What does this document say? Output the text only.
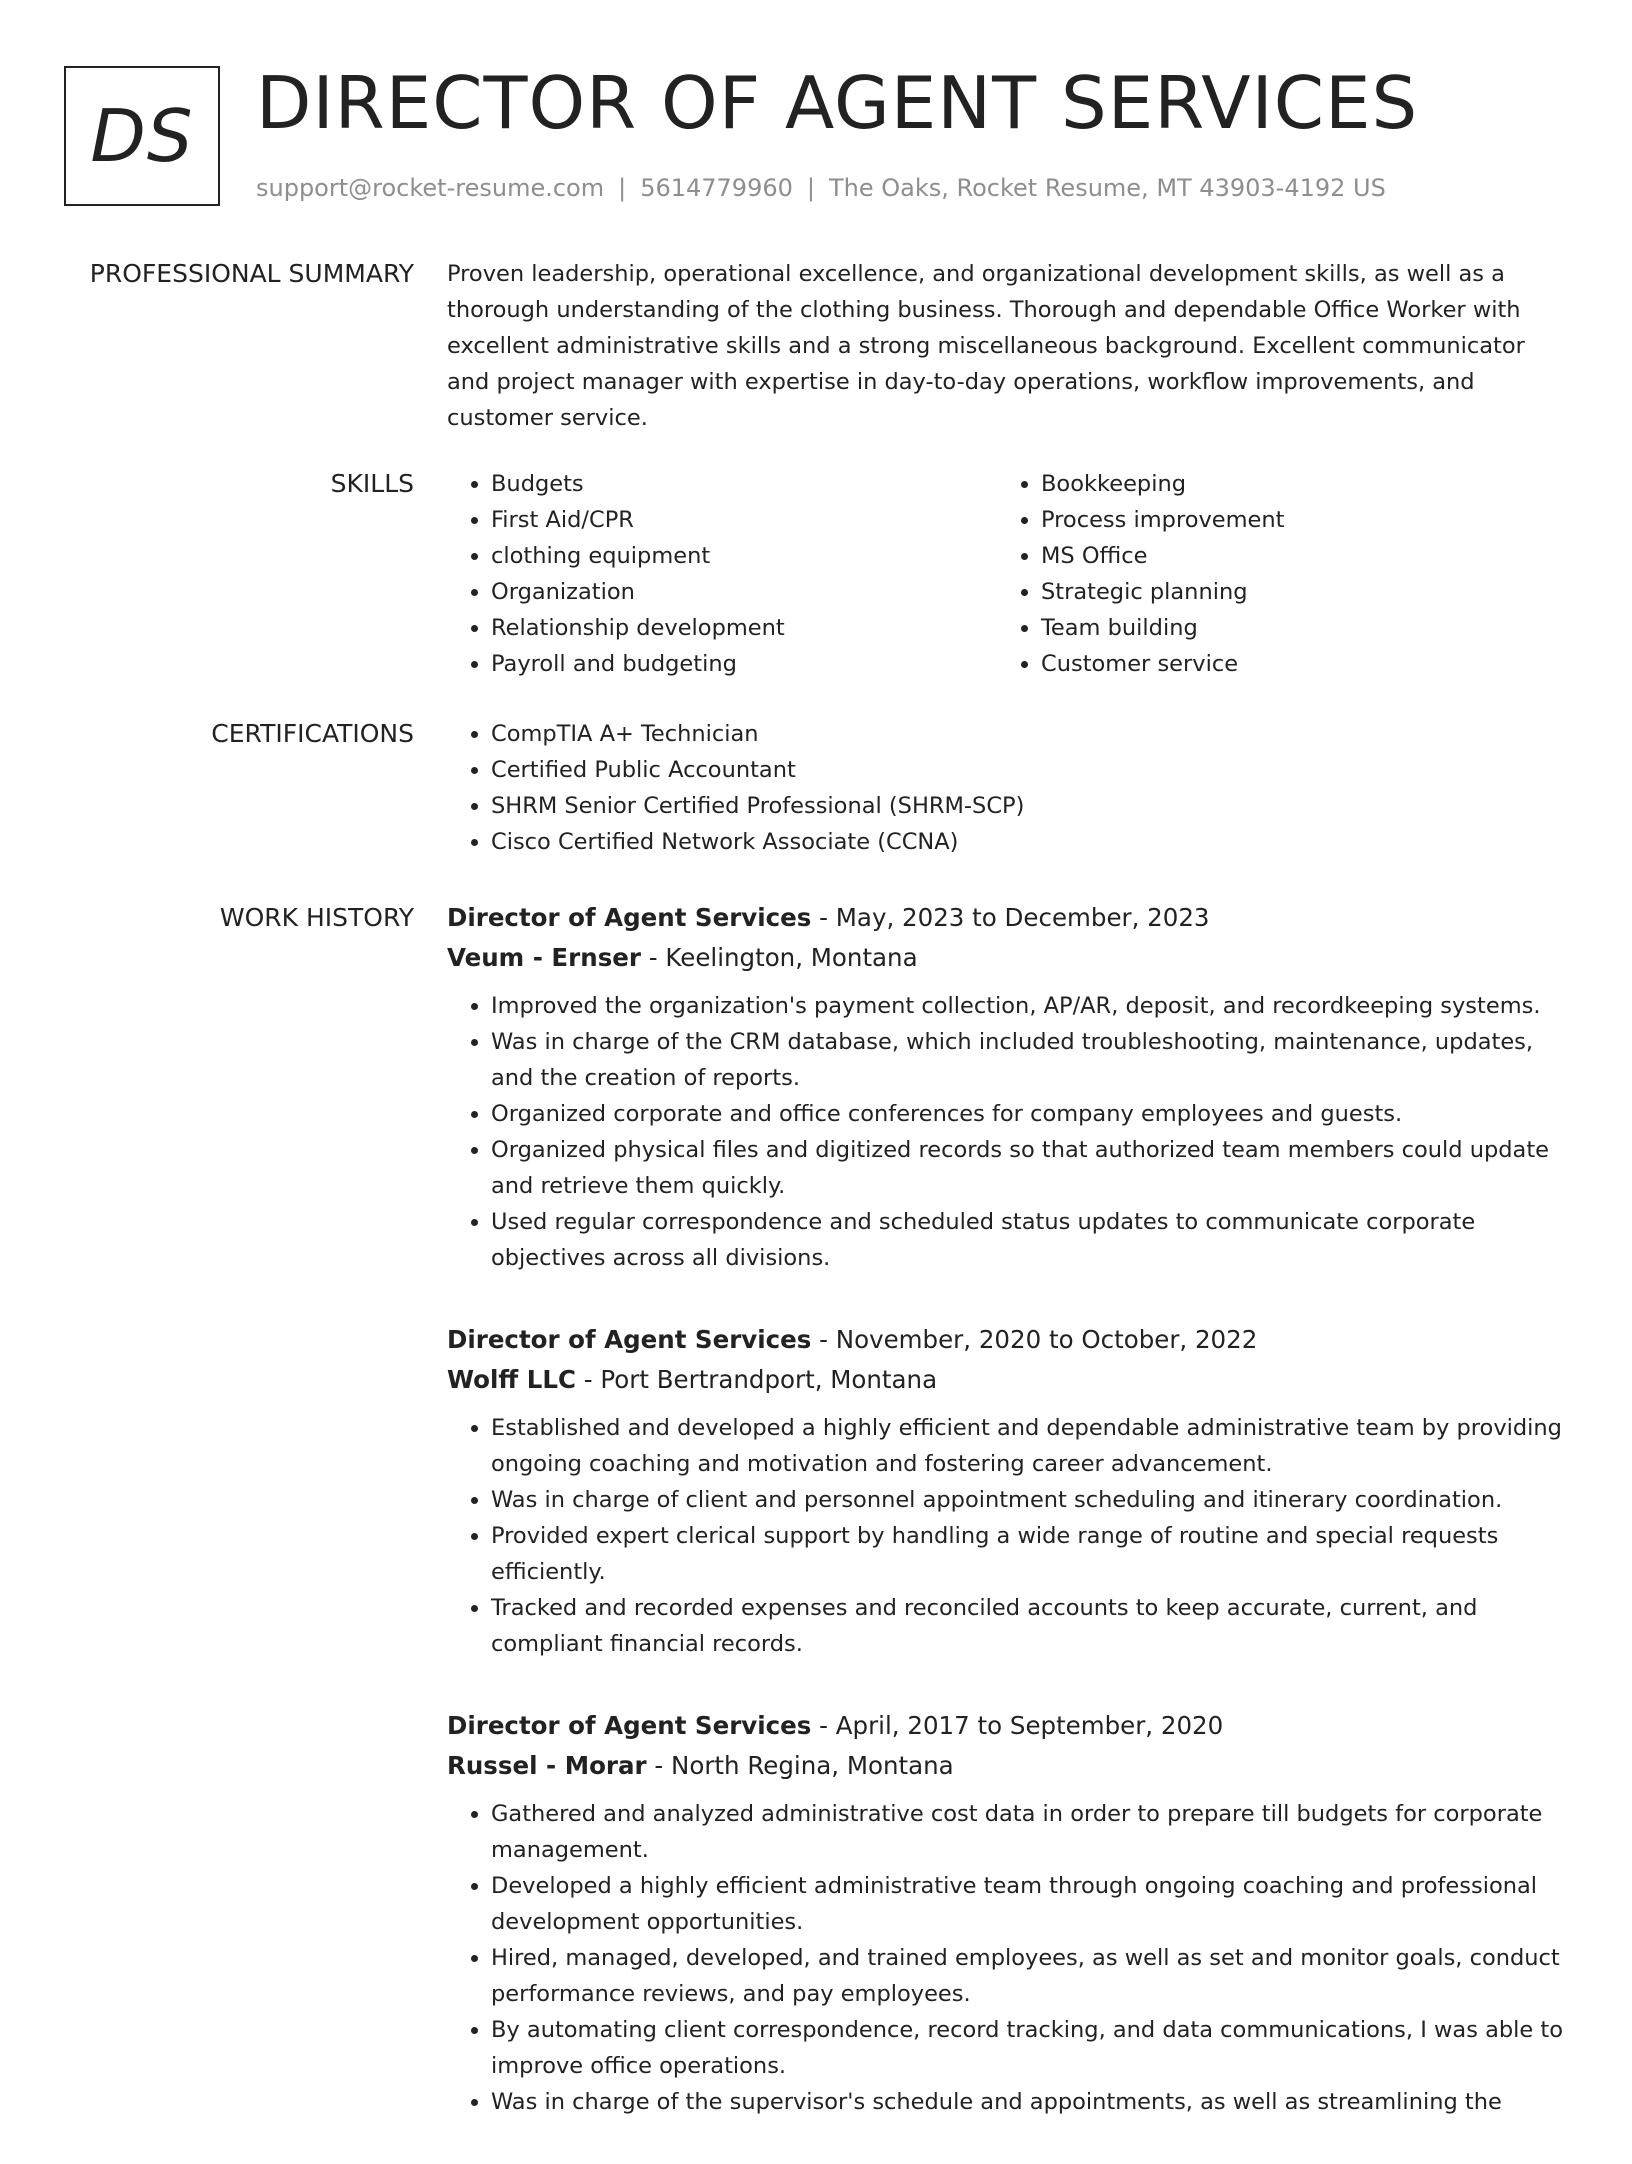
DS DIRECTOR OF AGENT SERVICES
support@rocket-resume.com | 5614779960 | The Oaks, Rocket Resume, MT 43903-4192 US
PROFESSIONAL SUMMARY Proven leadership, operational excellence, and organizational development skills, as well as a thorough understanding of the clothing business. Thorough and dependable Office Worker with excellent administrative skills and a strong miscellaneous background. Excellent communicator and project manager with expertise in day-to-day operations, workflow improvements, and customer service.

SKILLS	• Budgets
• First Aid/CPR
• clothing equipment
• Organization
• Relationship development
• Payroll and budgeting
• Bookkeeping
• Process improvement
• MS Office
• Strategic planning
• Team building
• Customer service
CERTIFICATIONS	• CompTIA A+ Technician
• Certified Public Accountant
• SHRM Senior Certified Professional (SHRM-SCP)
• Cisco Certified Network Associate (CCNA)
WORK HISTORY Director of Agent Services - May, 2023 to December, 2023
Veum - Ernser - Keelington, Montana
• Improved the organization's payment collection, AP/AR, deposit, and recordkeeping systems.
• Was in charge of the CRM database, which included troubleshooting, maintenance, updates, and the creation of reports.
• Organized corporate and office conferences for company employees and guests.
• Organized physical files and digitized records so that authorized team members could update and retrieve them quickly.
• Used regular correspondence and scheduled status updates to communicate corporate objectives across all divisions.
Director of Agent Services - November, 2020 to October, 2022
Wolff LLC - Port Bertrandport, Montana
• Established and developed a highly efficient and dependable administrative team by providing ongoing coaching and motivation and fostering career advancement.
• Was in charge of client and personnel appointment scheduling and itinerary coordination.
• Provided expert clerical support by handling a wide range of routine and special requests efficiently.
• Tracked and recorded expenses and reconciled accounts to keep accurate, current, and compliant financial records.
Director of Agent Services - April, 2017 to September, 2020
Russel - Morar - North Regina, Montana
• Gathered and analyzed administrative cost data in order to prepare till budgets for corporate management.
• Developed a highly efficient administrative team through ongoing coaching and professional development opportunities.
• Hired, managed, developed, and trained employees, as well as set and monitor goals, conduct performance reviews, and pay employees.
• By automating client correspondence, record tracking, and data communications, I was able to improve office operations.
• Was in charge of the supervisor's schedule and appointments, as well as streamlining the
